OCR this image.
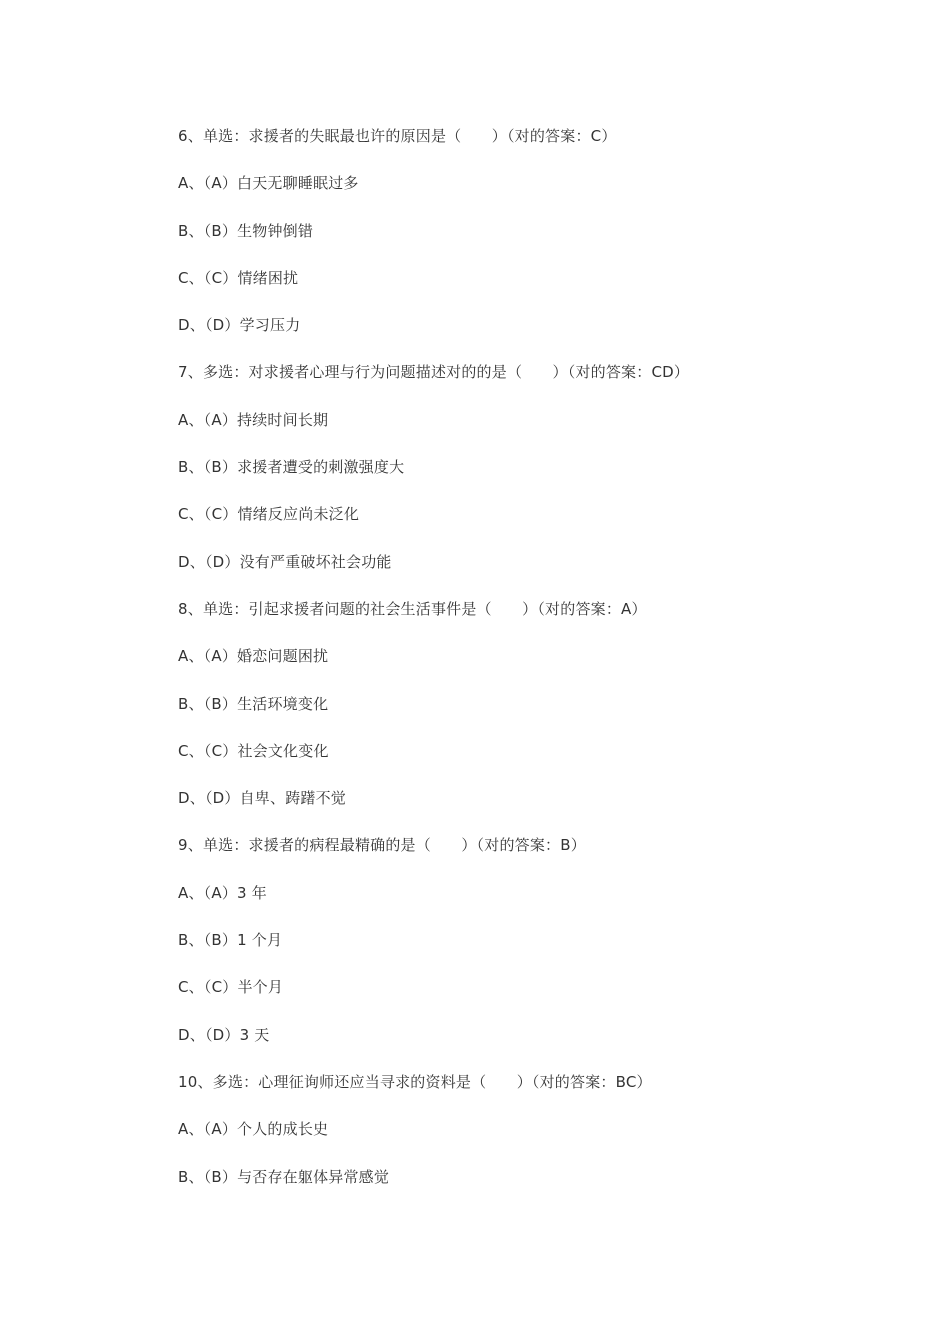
6、单选：求援者的失眠最也许的原因是（　　）（对的答案：C）
A、（A）白天无聊睡眠过多
B、（B）生物钟倒错
C、（C）情绪困扰
D、（D）学习压力
7、多选：对求援者心理与行为问题描述对的的是（　　）（对的答案：CD）
A、（A）持续时间长期
B、（B）求援者遭受的刺激强度大
C、（C）情绪反应尚未泛化
D、（D）没有严重破坏社会功能
8、单选：引起求援者问题的社会生活事件是（　　）（对的答案：A）
A、（A）婚恋问题困扰
B、（B）生活环境变化
C、（C）社会文化变化
D、（D）自卑、踌躇不觉
9、单选：求援者的病程最精确的是（　　）（对的答案：B）
A、（A）3 年
B、（B）1 个月
C、（C）半个月
D、（D）3 天
10、多选：心理征询师还应当寻求的资料是（　　）（对的答案：BC）
A、（A）个人的成长史
B、（B）与否存在躯体异常感觉
